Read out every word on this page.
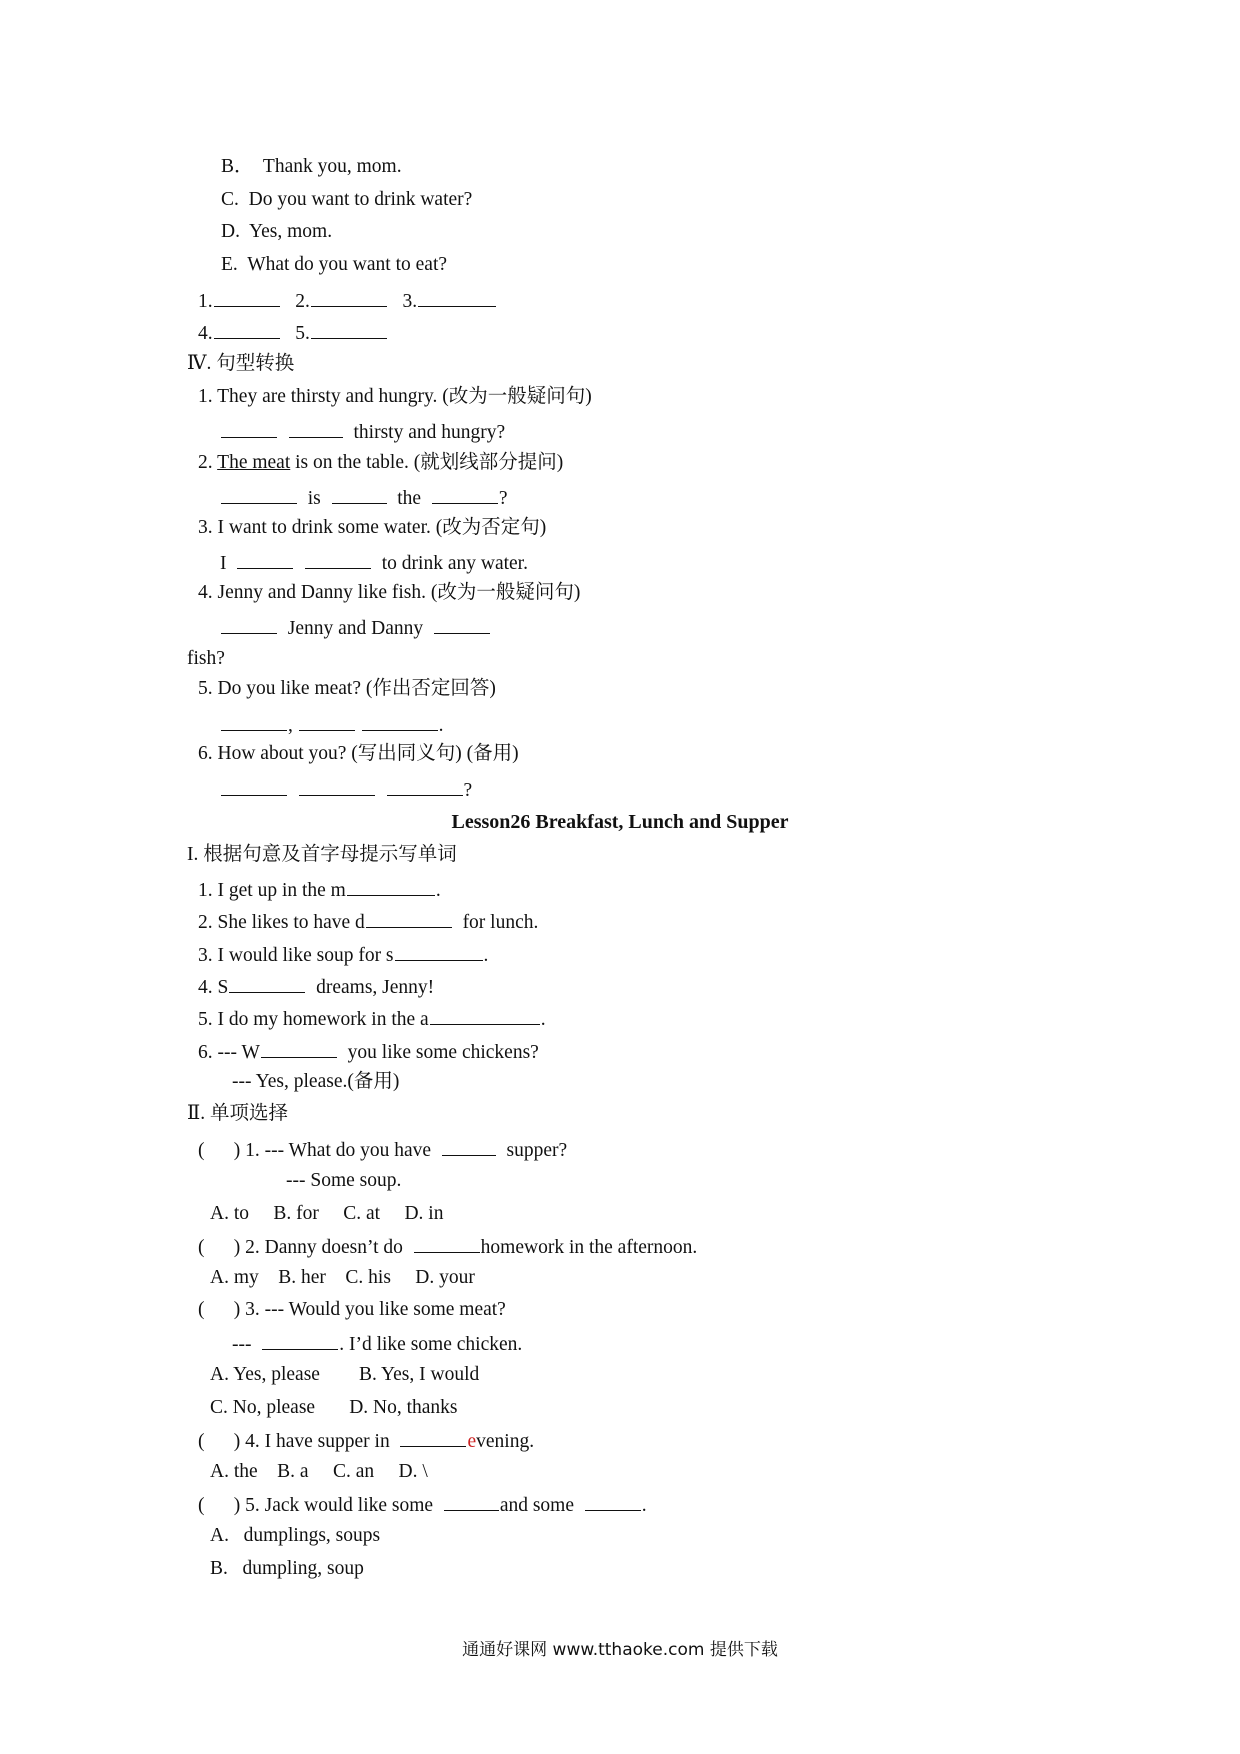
B． Thank you, mom.
C. Do you want to drink water?
D. Yes, mom.
E. What do you want to eat?
1.	2.	3.
4.	5.
Ⅳ. 句型转换
1. They are thirsty and hungry. (改为一般疑问句)
thirsty and hungry?
2. The meat is on the table. (就划线部分提问)
is	the	?
3. I want to drink some water. (改为否定句)
I	to drink any water.
4. Jenny and Danny like fish. (改为一般疑问句)
Jenny and Danny
fish?
5. Do you like meat? (作出否定回答)
,	.
6. How about you? (写出同义句) (备用)
?
Lesson26 Breakfast, Lunch and Supper
I. 根据句意及首字母提示写单词
1. I get up in the m	.
2. She likes to have d	for lunch.
3. I would like soup for s	.
4. S	dreams, Jenny!
5. I do my homework in the a	.
6. --- W	you like some chickens?
--- Yes, please.(备用)
Ⅱ. 单项选择
(      ) 1. --- What do you have	supper?
--- Some soup.
A. to B. for C. at D. in
(      ) 2. Danny doesn’t do	homework in the afternoon.
A. my B. her C. his D. your
(      ) 3. --- Would you like some meat?
---	. I’d like some chicken.
A. Yes, please B. Yes, I would
C. No, please D. No, thanks
(      ) 4. I have supper in	evening.
A. the B. a C. an D. \
(      ) 5. Jack would like some	and some	.
A.   dumplings, soups
B.   dumpling, soup
通通好课网 www.tthaoke.com 提供下载
